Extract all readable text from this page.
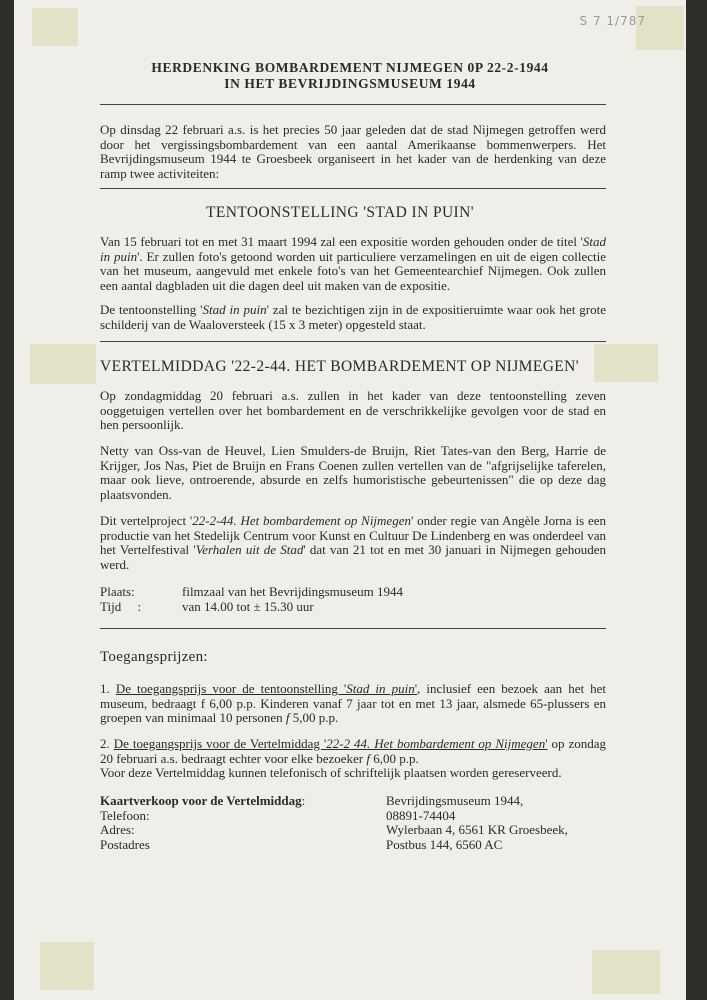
S 7 1/787
HERDENKING BOMBARDEMENT NIJMEGEN 0P 22-2-1944
IN HET BEVRIJDINGSMUSEUM 1944
Op dinsdag 22 februari a.s. is het precies 50 jaar geleden dat de stad Nijmegen getroffen werd door het vergissingsbombardement van een aantal Amerikaanse bommenwerpers. Het Bevrijdingsmuseum 1944 te Groesbeek organiseert in het kader van de herdenking van deze ramp twee activiteiten:
TENTOONSTELLING 'STAD IN PUIN'
Van 15 februari tot en met 31 maart 1994 zal een expositie worden gehouden onder de titel 'Stad in puin'. Er zullen foto's getoond worden uit particuliere verzamelingen en uit de eigen collectie van het museum, aangevuld met enkele foto's van het Gemeentearchief Nijmegen. Ook zullen een aantal dagbladen uit die dagen deel uit maken van de expositie.
De tentoonstelling 'Stad in puin' zal te bezichtigen zijn in de expositieruimte waar ook het grote schilderij van de Waaloversteek (15 x 3 meter) opgesteld staat.
VERTELMIDDAG '22-2-44. HET BOMBARDEMENT OP NIJMEGEN'
Op zondagmiddag 20 februari a.s. zullen in het kader van deze tentoonstelling zeven ooggetuigen vertellen over het bombardement en de verschrikkelijke gevolgen voor de stad en hen persoonlijk.
Netty van Oss-van de Heuvel, Lien Smulders-de Bruijn, Riet Tates-van den Berg, Harrie de Krijger, Jos Nas, Piet de Bruijn en Frans Coenen zullen vertellen van de "afgrijselijke taferelen, maar ook lieve, ontroerende, absurde en zelfs humoristische gebeurtenissen" die op deze dag plaatsvonden.
Dit vertelproject '22-2-44. Het bombardement op Nijmegen' onder regie van Angèle Jorna is een productie van het Stedelijk Centrum voor Kunst en Cultuur De Lindenberg en was onderdeel van het Vertelfestival 'Verhalen uit de Stad' dat van 21 tot en met 30 januari in Nijmegen gehouden werd.
Plaats:	filmzaal van het Bevrijdingsmuseum 1944
Tijd     :	van 14.00 tot ± 15.30 uur
Toegangsprijzen:
1. De toegangsprijs voor de tentoonstelling 'Stad in puin', inclusief een bezoek aan het het museum, bedraagt f 6,00 p.p. Kinderen vanaf 7 jaar tot en met 13 jaar, alsmede 65-plussers en groepen van minimaal 10 personen f 5,00 p.p.
2. De toegangsprijs voor de Vertelmiddag '22-2 44. Het bombardement op Nijmegen' op zondag 20 februari a.s. bedraagt echter voor elke bezoeker f 6,00 p.p.
Voor deze Vertelmiddag kunnen telefonisch of schriftelijk plaatsen worden gereserveerd.
Kaartverkoop voor de Vertelmiddag:	Bevrijdingsmuseum 1944,
Telefoon:	08891-74404
Adres:	Wylerbaan 4, 6561 KR Groesbeek,
Postadres	Postbus 144, 6560 AC
